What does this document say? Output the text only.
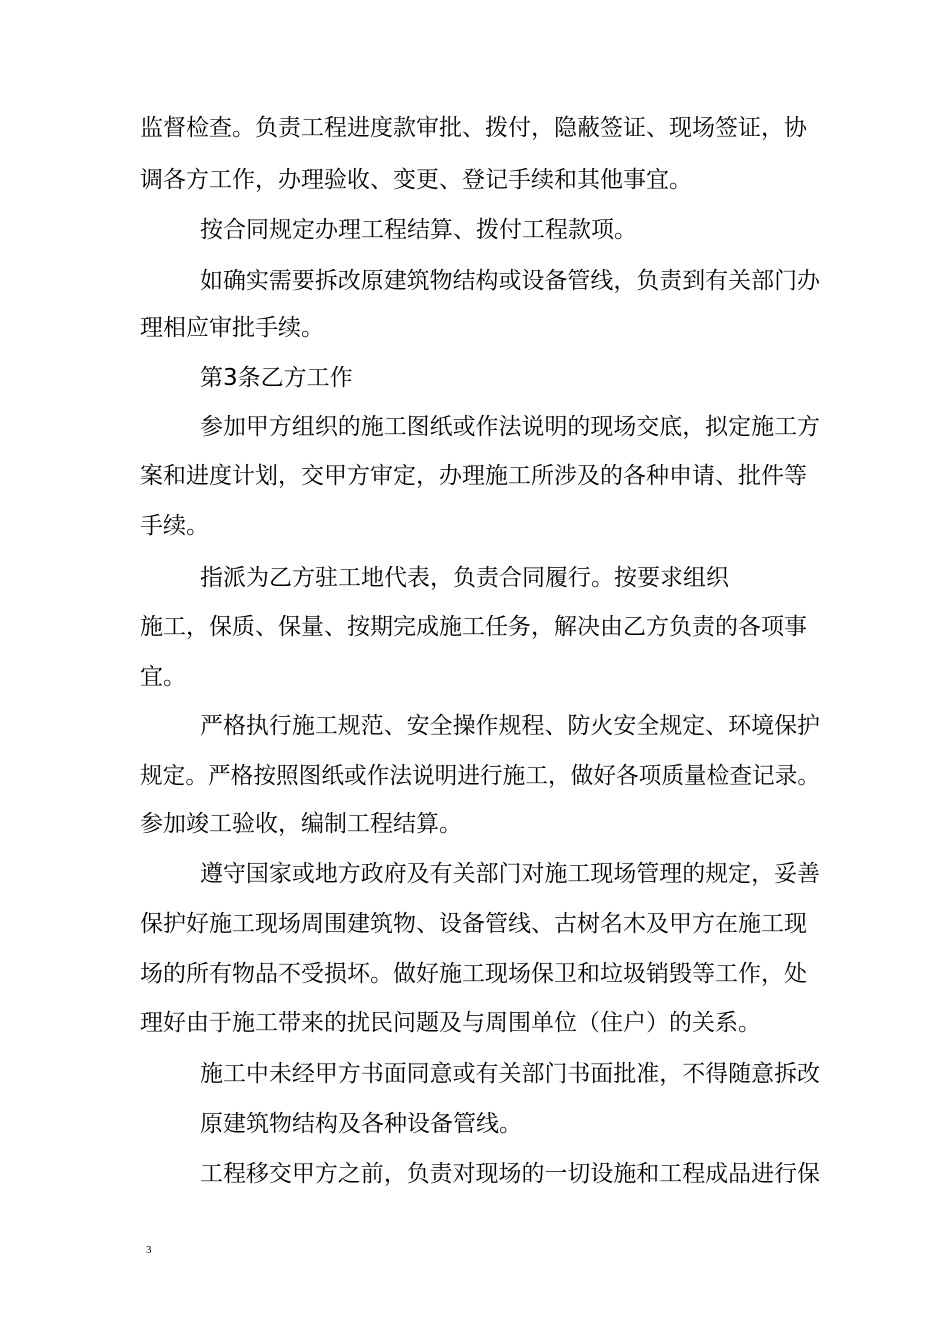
监督检查。负责工程进度款审批、拨付，隐蔽签证、现场签证，协
调各方工作，办理验收、变更、登记手续和其他事宜。
按合同规定办理工程结算、拨付工程款项。
如确实需要拆改原建筑物结构或设备管线，负责到有关部门办
理相应审批手续。
第3条乙方工作
参加甲方组织的施工图纸或作法说明的现场交底，拟定施工方
案和进度计划，交甲方审定，办理施工所涉及的各种申请、批件等
手续。
指派为乙方驻工地代表，负责合同履行。按要求组织
施工，保质、保量、按期完成施工任务，解决由乙方负责的各项事
宜。
严格执行施工规范、安全操作规程、防火安全规定、环境保护
规定。严格按照图纸或作法说明进行施工，做好各项质量检查记录。
参加竣工验收，编制工程结算。
遵守国家或地方政府及有关部门对施工现场管理的规定，妥善
保护好施工现场周围建筑物、设备管线、古树名木及甲方在施工现
场的所有物品不受损坏。做好施工现场保卫和垃圾销毁等工作，处
理好由于施工带来的扰民问题及与周围单位（住户）的关系。
施工中未经甲方书面同意或有关部门书面批准，不得随意拆改
原建筑物结构及各种设备管线。
工程移交甲方之前，负责对现场的一切设施和工程成品进行保
3
